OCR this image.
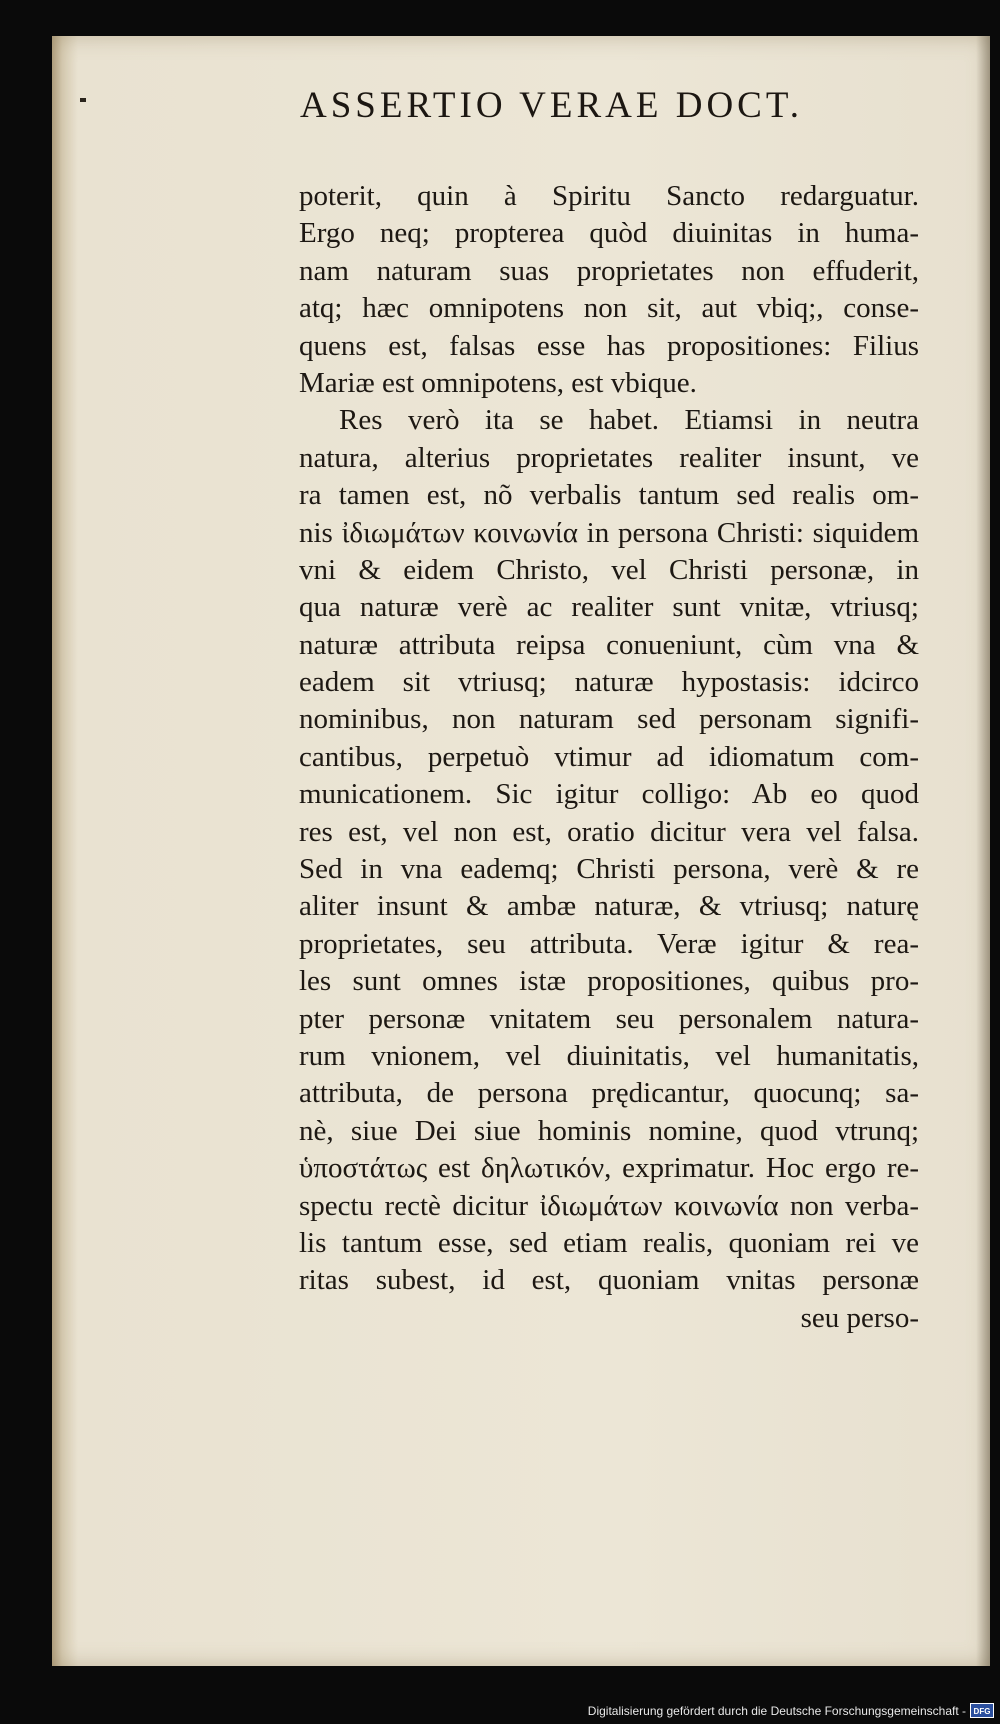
ASSERTIO VERAE DOCT.
poterit, quin à Spiritu Sancto redarguatur.
Ergo neq; propterea quòd diuinitas in huma-
nam naturam suas proprietates non effuderit,
atq; hæc omnipotens non sit, aut vbiq;, conse-
quens est, falsas esse has propositiones: Filius
Mariæ est omnipotens, est vbique.
Res verò ita se habet. Etiamsi in neutra
natura, alterius proprietates realiter insunt, ve
ra tamen est, nõ verbalis tantum sed realis om-
nis ἰδιωμάτων κοινωνία in persona Christi: siquidem
vni & eidem Christo, vel Christi personæ, in
qua naturæ verè ac realiter sunt vnitæ, vtriusq;
naturæ attributa reipsa conueniunt, cùm vna &
eadem sit vtriusq; naturæ hypostasis: idcirco
nominibus, non naturam sed personam signifi-
cantibus, perpetuò vtimur ad idiomatum com-
municationem. Sic igitur colligo: Ab eo quod
res est, vel non est, oratio dicitur vera vel falsa.
Sed in vna eademq; Christi persona, verè & re
aliter insunt & ambæ naturæ, & vtriusq; naturę
proprietates, seu attributa. Veræ igitur & rea-
les sunt omnes istæ propositiones, quibus pro-
pter personæ vnitatem seu personalem natura-
rum vnionem, vel diuinitatis, vel humanitatis,
attributa, de persona prędicantur, quocunq; sa-
nè, siue Dei siue hominis nomine, quod vtrunq;
ὑποστάτως est δηλωτικόν, exprimatur. Hoc ergo re-
spectu rectè dicitur ἰδιωμάτων κοινωνία non verba-
lis tantum esse, sed etiam realis, quoniam rei ve
ritas subest, id est, quoniam vnitas personæ
seu perso-
Digitalisierung gefördert durch die Deutsche Forschungsgemeinschaft - DFG
